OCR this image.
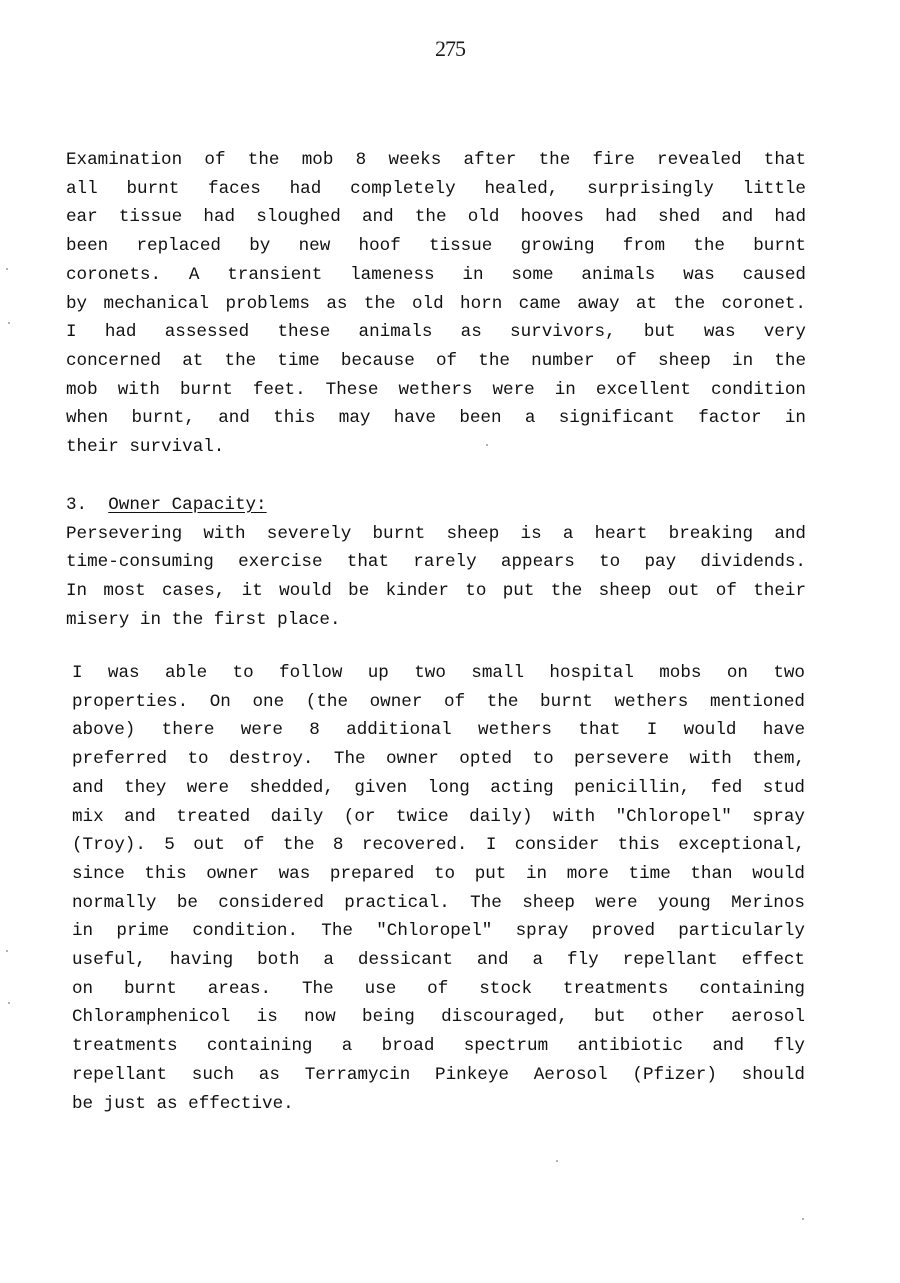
275
Examination of the mob 8 weeks after the fire revealed that
all burnt faces had completely healed, surprisingly little
ear tissue had sloughed and the old hooves had shed and had
been replaced by new hoof tissue growing from the burnt
coronets. A transient lameness in some animals was caused
by mechanical problems as the old horn came away at the coronet.
I had assessed these animals as survivors, but was very
concerned at the time because of the number of sheep in the
mob with burnt feet. These wethers were in excellent condition
when burnt, and this may have been a significant factor in
their survival.
3. Owner Capacity:
Persevering with severely burnt sheep is a heart breaking and
time-consuming exercise that rarely appears to pay dividends.
In most cases, it would be kinder to put the sheep out of their
misery in the first place.
I was able to follow up two small hospital mobs on two
properties. On one (the owner of the burnt wethers mentioned
above) there were 8 additional wethers that I would have
preferred to destroy. The owner opted to persevere with them,
and they were shedded, given long acting penicillin, fed stud
mix and treated daily (or twice daily) with "Chloropel" spray
(Troy). 5 out of the 8 recovered. I consider this exceptional,
since this owner was prepared to put in more time than would
normally be considered practical. The sheep were young Merinos
in prime condition. The "Chloropel" spray proved particularly
useful, having both a dessicant and a fly repellant effect
on burnt areas. The use of stock treatments containing
Chloramphenicol is now being discouraged, but other aerosol
treatments containing a broad spectrum antibiotic and fly
repellant such as Terramycin Pinkeye Aerosol (Pfizer) should
be just as effective.
